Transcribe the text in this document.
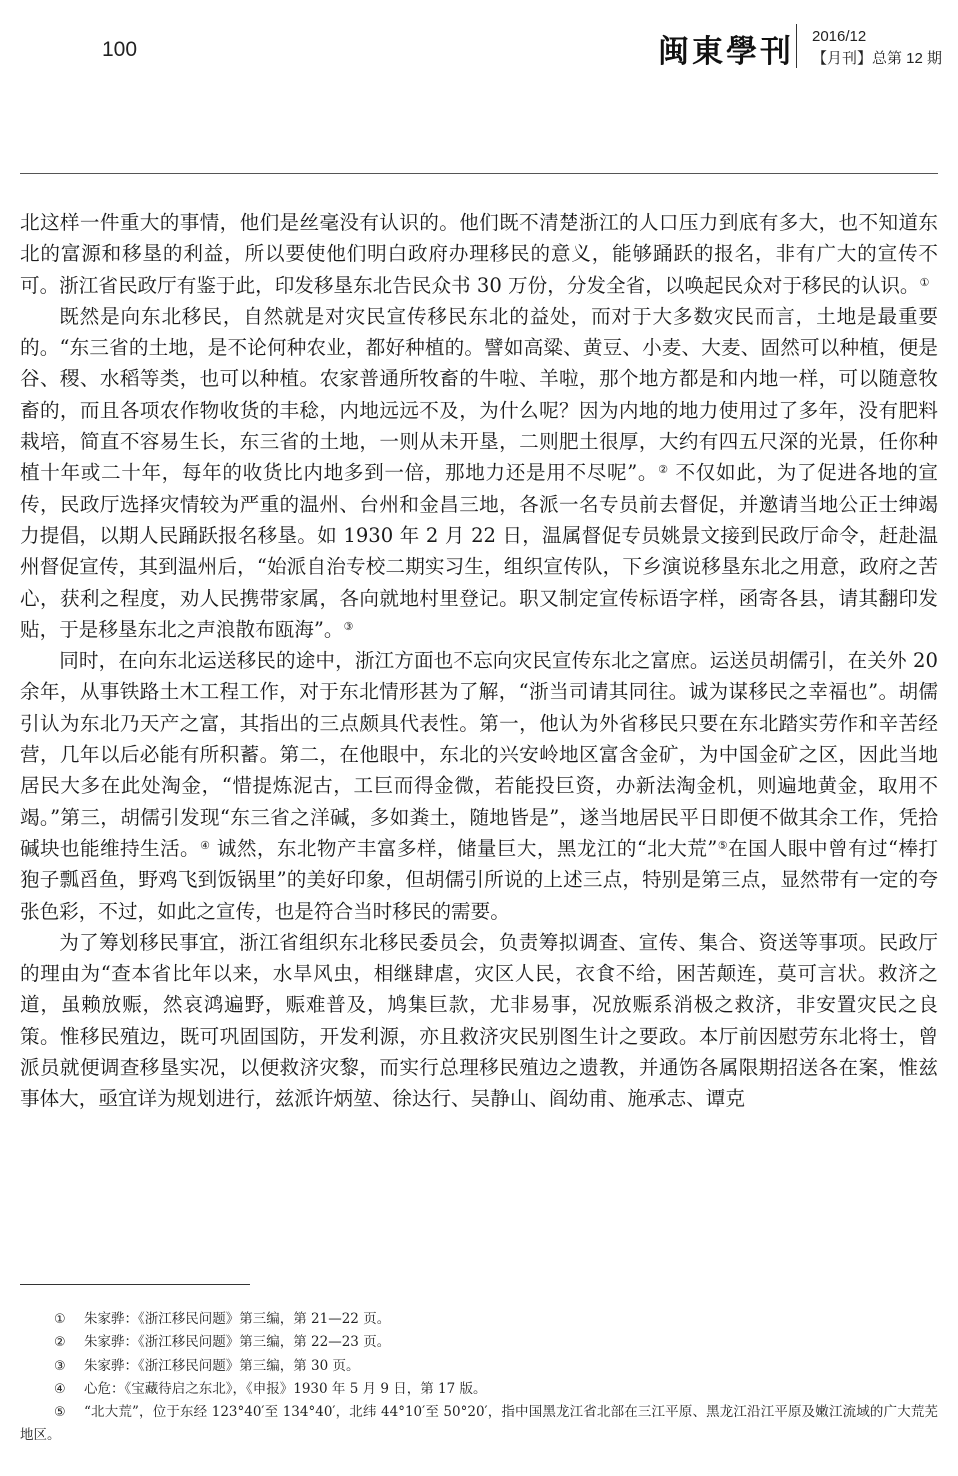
100	闽東學刊 2016/12
【月刊】总第 12 期

北这样一件重大的事情，他们是丝毫没有认识的。他们既不清楚浙江的人口压力到底有多大，也不知道东北的富源和移垦的利益，所以要使他们明白政府办理移民的意义，能够踊跃的报名，非有广大的宣传不可。浙江省民政厅有鉴于此，印发移垦东北告民众书 30 万份，分发全省，以唤起民众对于移民的认识。①

既然是向东北移民，自然就是对灾民宣传移民东北的益处，而对于大多数灾民而言，土地是最重要的。“东三省的土地，是不论何种农业，都好种植的。譬如高粱、黄豆、小麦、大麦、固然可以种植，便是谷、稷、水稻等类，也可以种植。农家普通所牧畜的牛啦、羊啦，那个地方都是和内地一样，可以随意牧畜的，而且各项农作物收货的丰稔，内地远远不及，为什么呢？因为内地的地力使用过了多年，没有肥料栽培，简直不容易生长，东三省的土地，一则从未开垦，二则肥土很厚，大约有四五尺深的光景，任你种植十年或二十年，每年的收货比内地多到一倍，那地力还是用不尽呢”。② 不仅如此，为了促进各地的宣传，民政厅选择灾情较为严重的温州、台州和金昌三地，各派一名专员前去督促，并邀请当地公正士绅竭力提倡，以期人民踊跃报名移垦。如 1930 年 2 月 22 日，温属督促专员姚景文接到民政厅命令，赶赴温州督促宣传，其到温州后，“始派自治专校二期实习生，组织宣传队，下乡演说移垦东北之用意，政府之苦心，获利之程度，劝人民携带家属，各向就地村里登记。职又制定宣传标语字样，函寄各县，请其翻印发贴，于是移垦东北之声浪散布瓯海”。③

同时，在向东北运送移民的途中，浙江方面也不忘向灾民宣传东北之富庶。运送员胡儒引，在关外 20 余年，从事铁路土木工程工作，对于东北情形甚为了解，“浙当司请其同往。诚为谋移民之幸福也”。胡儒引认为东北乃天产之富，其指出的三点颇具代表性。第一，他认为外省移民只要在东北踏实劳作和辛苦经营，几年以后必能有所积蓄。第二，在他眼中，东北的兴安岭地区富含金矿，为中国金矿之区，因此当地居民大多在此处淘金，“惜提炼泥古，工巨而得金微，若能投巨资，办新法淘金机，则遍地黄金，取用不竭。”第三，胡儒引发现“东三省之洋碱，多如粪土，随地皆是”，遂当地居民平日即便不做其余工作，凭拾碱块也能维持生活。④ 诚然，东北物产丰富多样，储量巨大，黑龙江的“北大荒”⑤在国人眼中曾有过“棒打狍子瓢舀鱼，野鸡飞到饭锅里”的美好印象，但胡儒引所说的上述三点，特别是第三点，显然带有一定的夸张色彩，不过，如此之宣传，也是符合当时移民的需要。

为了筹划移民事宜，浙江省组织东北移民委员会，负责筹拟调查、宣传、集合、资送等事项。民政厅的理由为“查本省比年以来，水旱风虫，相继肆虐，灾区人民，衣食不给，困苦颠连，莫可言状。救济之道，虽赖放赈，然哀鸿遍野，赈难普及，鸠集巨款，尤非易事，况放赈系消极之救济，非安置灾民之良策。惟移民殖边，既可巩固国防，开发利源，亦且救济灾民别图生计之要政。本厅前因慰劳东北将士，曾派员就便调查移垦实况，以便救济灾黎，而实行总理移民殖边之遗教，并通饬各属限期招送各在案，惟兹事体大，亟宜详为规划进行，兹派许炳堃、徐达行、吴静山、阎幼甫、施承志、谭克

① 朱家骅：《浙江移民问题》第三编，第 21—22 页。
② 朱家骅：《浙江移民问题》第三编，第 22—23 页。
③ 朱家骅：《浙江移民问题》第三编，第 30 页。
④ 心危：《宝藏待启之东北》，《申报》1930 年 5 月 9 日，第 17 版。
⑤ “北大荒”，位于东经 123°40′至 134°40′，北纬 44°10′至 50°20′，指中国黑龙江省北部在三江平原、黑龙江沿江平原及嫩江流域的广大荒芜地区。
